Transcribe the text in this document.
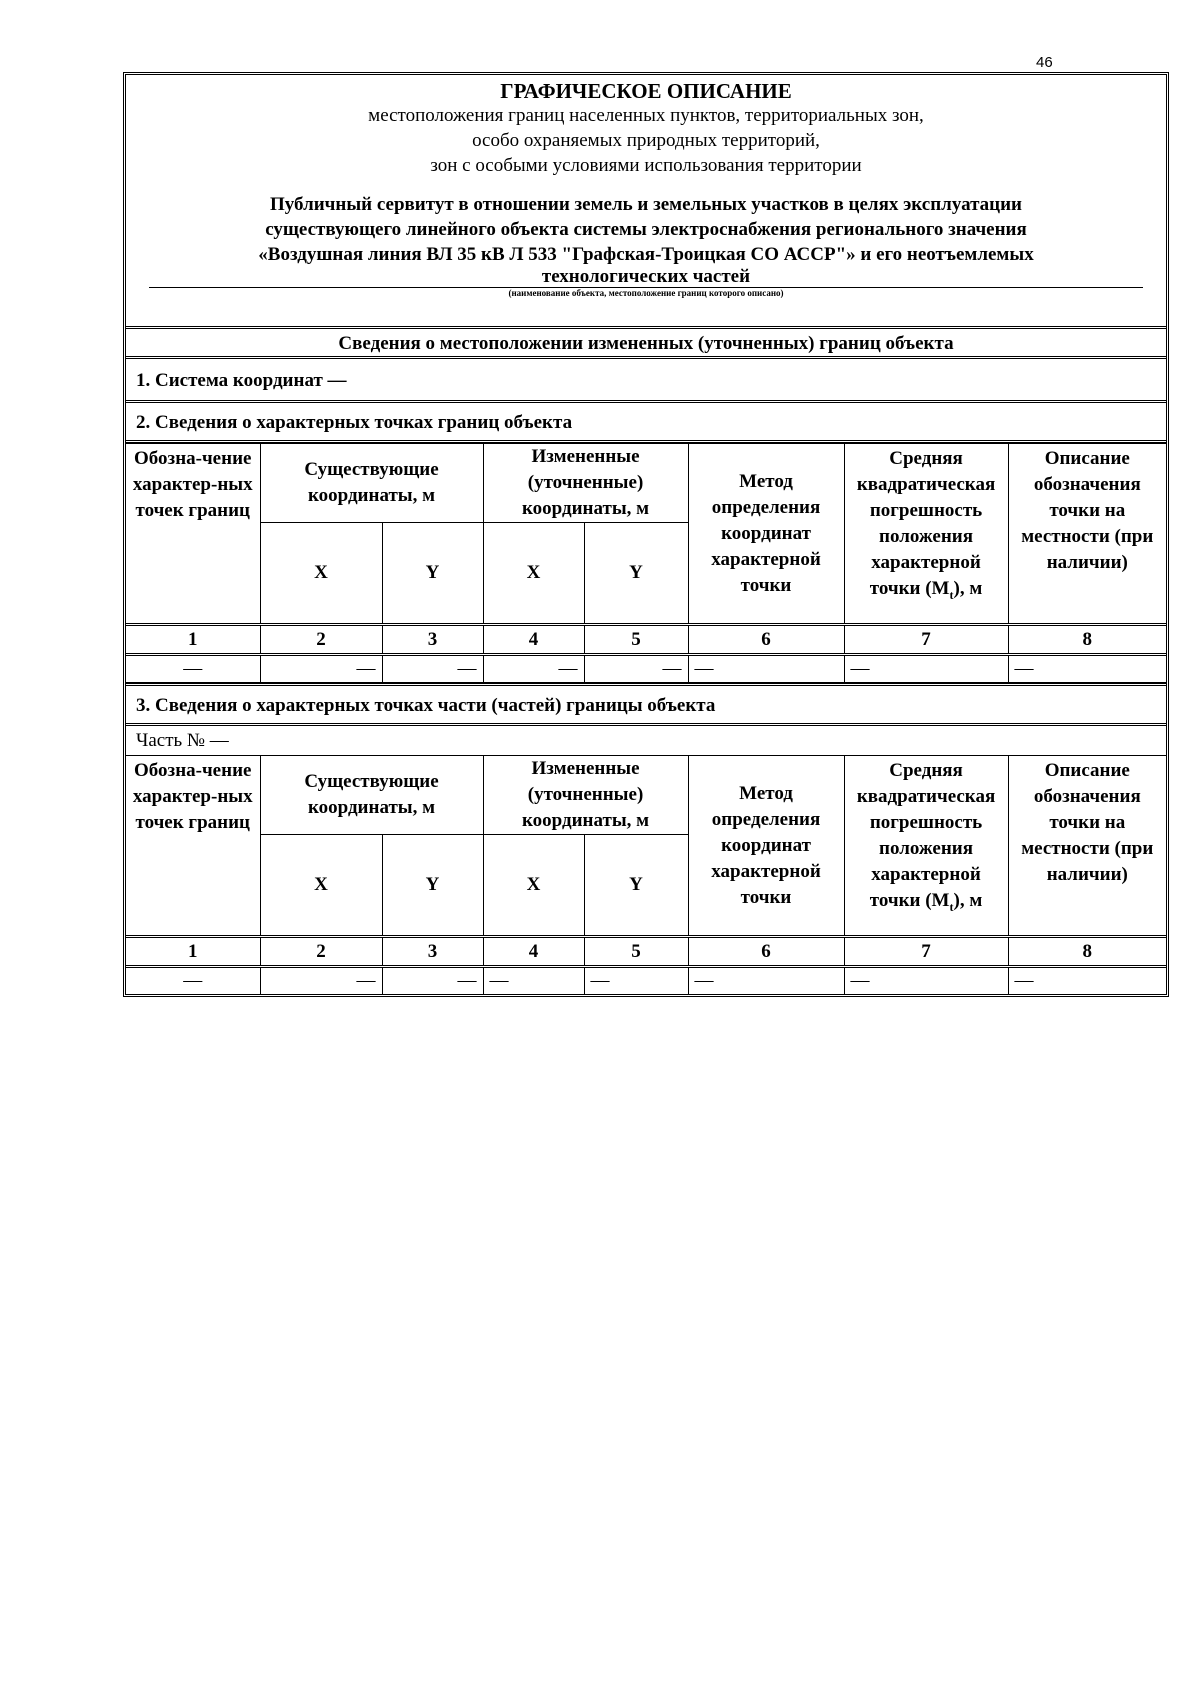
46
ГРАФИЧЕСКОЕ ОПИСАНИЕ
местоположения границ населенных пунктов, территориальных зон,
особо охраняемых природных территорий,
зон с особыми условиями использования территории
Публичный сервитут в отношении земель и земельных участков в целях эксплуатации
существующего линейного объекта системы электроснабжения регионального значения
«Воздушная линия ВЛ 35 кВ Л 533 "Графская-Троицкая СО АССР"» и его неотъемлемых
технологических частей
(наименование объекта, местоположение границ которого описано)
Сведения о местоположении измененных (уточненных) границ объекта
1. Система координат —
2. Сведения о характерных точках границ объекта
Обозна-чение характер-ных точек границ	Существующие координаты, м		Измененные (уточненные) координаты, м		Метод определения координат характерной точки	Средняя квадратическая погрешность положения характерной точки $(M_t)$, м	Описание обозначения точки на местности (при наличии)
	X	Y	X	Y			
1	2	3	4	5	6	7	8
—	—	—	—	—	—	—	—
3. Сведения о характерных точках части (частей) границы объекта
Часть № —
Обозна-чение характер-ных точек границ	Существующие координаты, м		Измененные (уточненные) координаты, м		Метод определения координат характерной точки	Средняя квадратическая погрешность положения характерной точки $(M_t)$, м	Описание обозначения точки на местности (при наличии)
	X	Y	X	Y			
1	2	3	4	5	6	7	8
—	—	—	—	—	—	—	—
